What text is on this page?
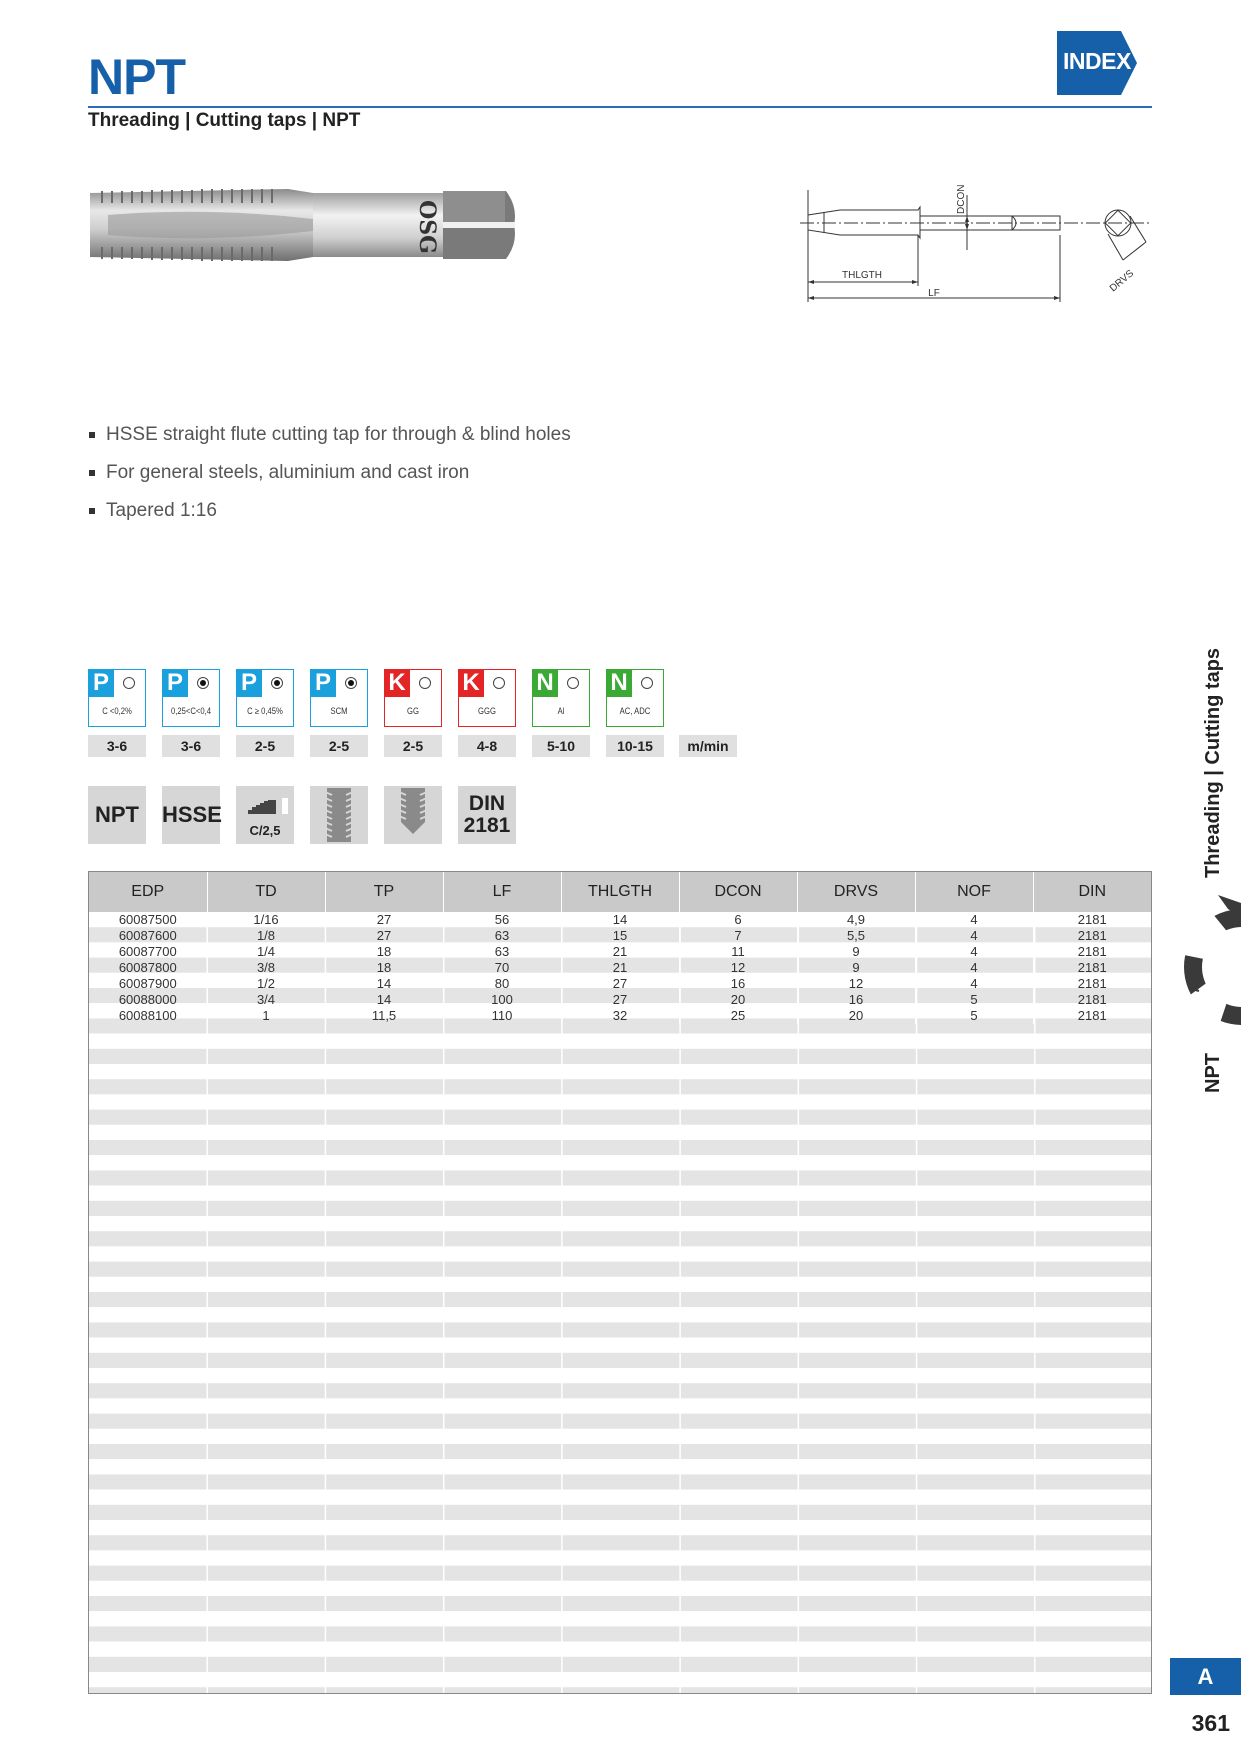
NPT
Threading | Cutting taps | NPT
INDEX
OSG
THLGTH
LF
DCON
DRVS
HSSE straight flute cutting tap for through & blind holes
For general steels, aluminium and cast iron
Tapered 1:16
P
C <0,2%
3-6
P
0,25<C<0,4
3-6
P
C ≥ 0,45%
2-5
P
SCM
2-5
K
GG
2-5
K
GGG
4-8
N
Al
5-10
N
AC, ADC
10-15	m/min
NPT	HSSE
C/2,5
DIN
2181
EDP	TD	TP	LF	THLGTH	DCON	DRVS	NOF	DIN
60087500	1/16	27	56	14	6	4,9	4	2181
60087600	1/8	27	63	15	7	5,5	4	2181
60087700	1/4	18	63	21	11	9	4	2181
60087800	3/8	18	70	21	12	9	4	2181
60087900	1/2	14	80	27	16	12	4	2181
60088000	3/4	14	100	27	20	16	5	2181
60088100	1	11,5	110	32	25	20	5	2181
Threading | Cutting taps
NPT
A
361
